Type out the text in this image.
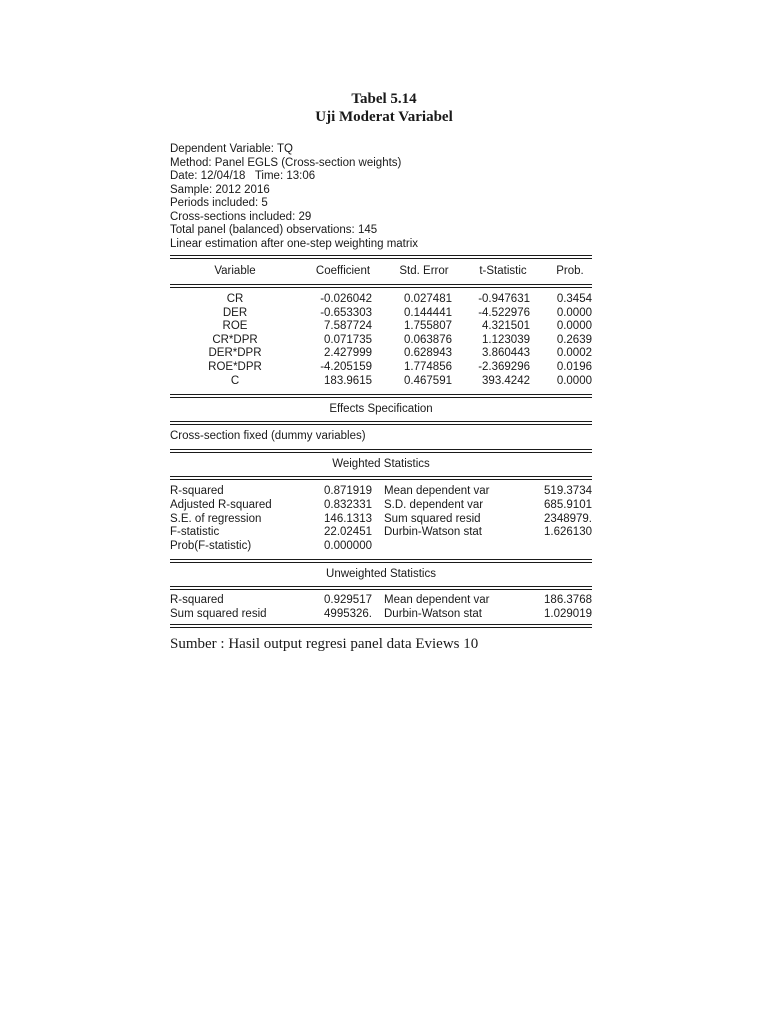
Tabel 5.14
Uji Moderat Variabel
Dependent Variable: TQ
Method: Panel EGLS (Cross-section weights)
Date: 12/04/18   Time: 13:06
Sample: 2012 2016
Periods included: 5
Cross-sections included: 29
Total panel (balanced) observations: 145
Linear estimation after one-step weighting matrix
Variable	Coefficient	Std. Error	t-Statistic	Prob.
CR	-0.026042	0.027481	-0.947631	0.3454
DER	-0.653303	0.144441	-4.522976	0.0000
ROE	7.587724	1.755807	4.321501	0.0000
CR*DPR	0.071735	0.063876	1.123039	0.2639
DER*DPR	2.427999	0.628943	3.860443	0.0002
ROE*DPR	-4.205159	1.774856	-2.369296	0.0196
C	183.9615	0.467591	393.4242	0.0000
Effects Specification
Cross-section fixed (dummy variables)
Weighted Statistics
R-squared	0.871919 Mean dependent var	519.3734
Adjusted R-squared	0.832331 S.D. dependent var	685.9101
S.E. of regression	146.1313 Sum squared resid	2348979.
F-statistic	22.02451 Durbin-Watson stat	1.626130
Prob(F-statistic)	0.000000
Unweighted Statistics
R-squared	0.929517 Mean dependent var	186.3768
Sum squared resid	4995326. Durbin-Watson stat	1.029019
Sumber : Hasil output regresi panel data Eviews 10
